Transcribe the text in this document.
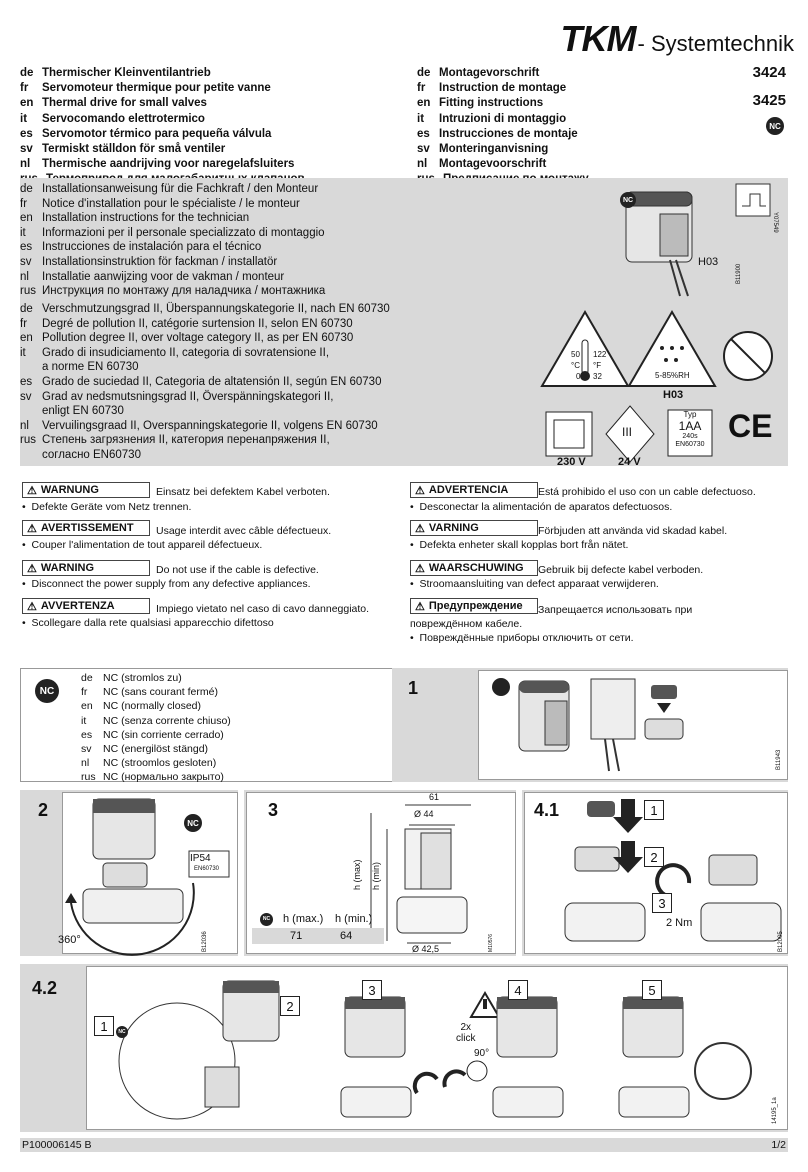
TKM - Systemtechnik
de Thermischer Kleinventilantrieb
fr	Servomoteur thermique pour petite vanne
en Thermal drive for small valves
it	Servocomando elettrotermico
es Servomotor térmico para pequeña válvula
sv Termiskt ställdon för små ventiler
nl	Thermische aandrijving voor naregelafsluiters
de Montagevorschrift
fr	Instruction de montage
en Fitting instructions
it	Intruzioni di montaggio
es Instrucciones de montaje
sv Monteringanvisning
nl	Montagevoorschrift
3424
3425
NC
de Installationsanweisung für die Fachkraft / den Monteur
fr	Notice d'installation pour le spécialiste / le monteur
en Installation instructions for the technician
it	Informazioni per il personale specializzato di montaggio
es Instrucciones de instalación para el técnico
sv Installationsinstruktion för fackman / installatör
nl	Installatie aanwijzing voor de vakman / monteur
rus Инструкция по монтажу для наладчика / монтажника
de Verschmutzungsgrad II, Überspannungskategorie II, nach EN 60730
fr	Degré de pollution II, catégorie surtension II, selon EN 60730
en Pollution degree II, over voltage category II, as per EN 60730
it	Grado di insudiciamento II, categoria di sovratensione II,
a norme EN 60730
es Grado de suciedad II, Categoria de altatensión II, según EN 60730
sv Grad av nedsmutsningsgrad II, Överspänningskategori II,
enligt EN 60730
nl	Vervuilingsgraad II, Overspanningskategorie II, volgens EN 60730
rus Степень загрязнения II, категория перенапряжения II,
согласно EN60730
NC
H03
Y07549
B11900
50 122
°C °F
0 32	5-85%RH
H03
230 V	24 V
III
Typ
1AA
240s
EN60730
CE
⚠ WARNUNG	Einsatz bei defektem Kabel verboten.
•  Defekte Geräte vom Netz trennen.
⚠ AVERTISSEMENT Usage interdit avec câble défectueux.
•  Couper l'alimentation de tout appareil défectueux.
⚠ WARNING	Do not use if the cable is defective.
•  Disconnect the power supply from any defective appliances.
⚠ AVVERTENZA	Impiego vietato nel caso di cavo danneggiato.
•  Scollegare dalla rete qualsiasi apparecchio difettoso
⚠ ADVERTENCIA	Está prohibido el uso con un cable defectuoso.
•  Desconectar la alimentación de aparatos defectuosos.
⚠ VARNING	Förbjuden att använda vid skadad kabel.
•  Defekta enheter skall kopplas bort från nätet.
⚠ WAARSCHUWING Gebruik bij defecte kabel verboden.
•  Stroomaansluiting van defect apparaat verwijderen.
⚠ Предупреждение Запрещается использовать при
повреждённом кабеле.
•  Повреждённые приборы отключить от сети.
NC
de NC (stromlos zu)
fr	NC (sans courant fermé)
en NC (normally closed)
it	NC (senza corrente chiuso)
es	NC (sin corriente cerrado)
sv	NC (energilöst stängd)
nl	NC (stroomlos gesloten)
rus NC (нормально закрыто)
1
B11943
2
NC
IP54
EN60730
360°	B12036
3
61
Ø 44
h (max) h (min)
Ø 42,5	M10576
NC h (max.)	h (min.)
71	64
4.1	1
2
3
2 Nm
B12005
4.2
1	NC
2
3	4	5
2x
click
90°
14195_1a
P100006145 B	1/2
